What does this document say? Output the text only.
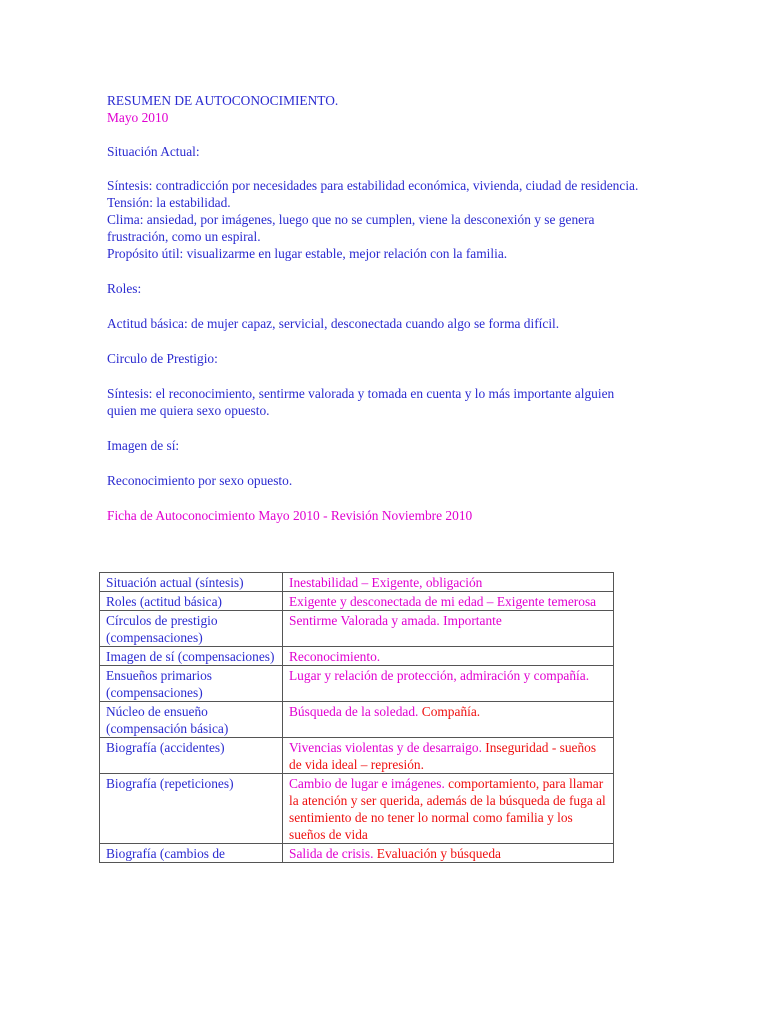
RESUMEN DE AUTOCONOCIMIENTO.

Mayo 2010

Situación Actual:

Síntesis: contradicción por necesidades para estabilidad económica, vivienda, ciudad de residencia.

Tensión: la estabilidad.

Clima: ansiedad, por imágenes, luego que no se cumplen, viene la desconexión y se genera frustración, como un espiral.

Propósito útil: visualizarme en lugar estable, mejor relación con la familia.

Roles:

Actitud básica: de mujer capaz, servicial, desconectada cuando algo se forma difícil.

Circulo de Prestigio:

Síntesis: el reconocimiento, sentirme valorada y tomada en cuenta y lo más importante alguien quien me quiera sexo opuesto.

Imagen de sí:

Reconocimiento por sexo opuesto.

Ficha de Autoconocimiento Mayo 2010 - Revisión Noviembre 2010

Situación actual (síntesis)	Inestabilidad – Exigente, obligación
Roles (actitud básica)	Exigente y desconectada de mi edad – Exigente temerosa
Círculos de prestigio (compensaciones)	Sentirme Valorada y amada. Importante
Imagen de sí (compensaciones)	Reconocimiento.
Ensueños primarios (compensaciones)	Lugar y relación de protección, admiración y compañía.
Núcleo de ensueño (compensación básica)	Búsqueda de la soledad. Compañía.
Biografía (accidentes)	Vivencias violentas y de desarraigo. Inseguridad - sueños de vida ideal – represión.
Biografía (repeticiones)	Cambio de lugar e imágenes. comportamiento, para llamar la atención y ser querida, además de la búsqueda de fuga al sentimiento de no tener lo normal como familia y los sueños de vida
Biografía (cambios de	Salida de crisis. Evaluación y búsqueda
